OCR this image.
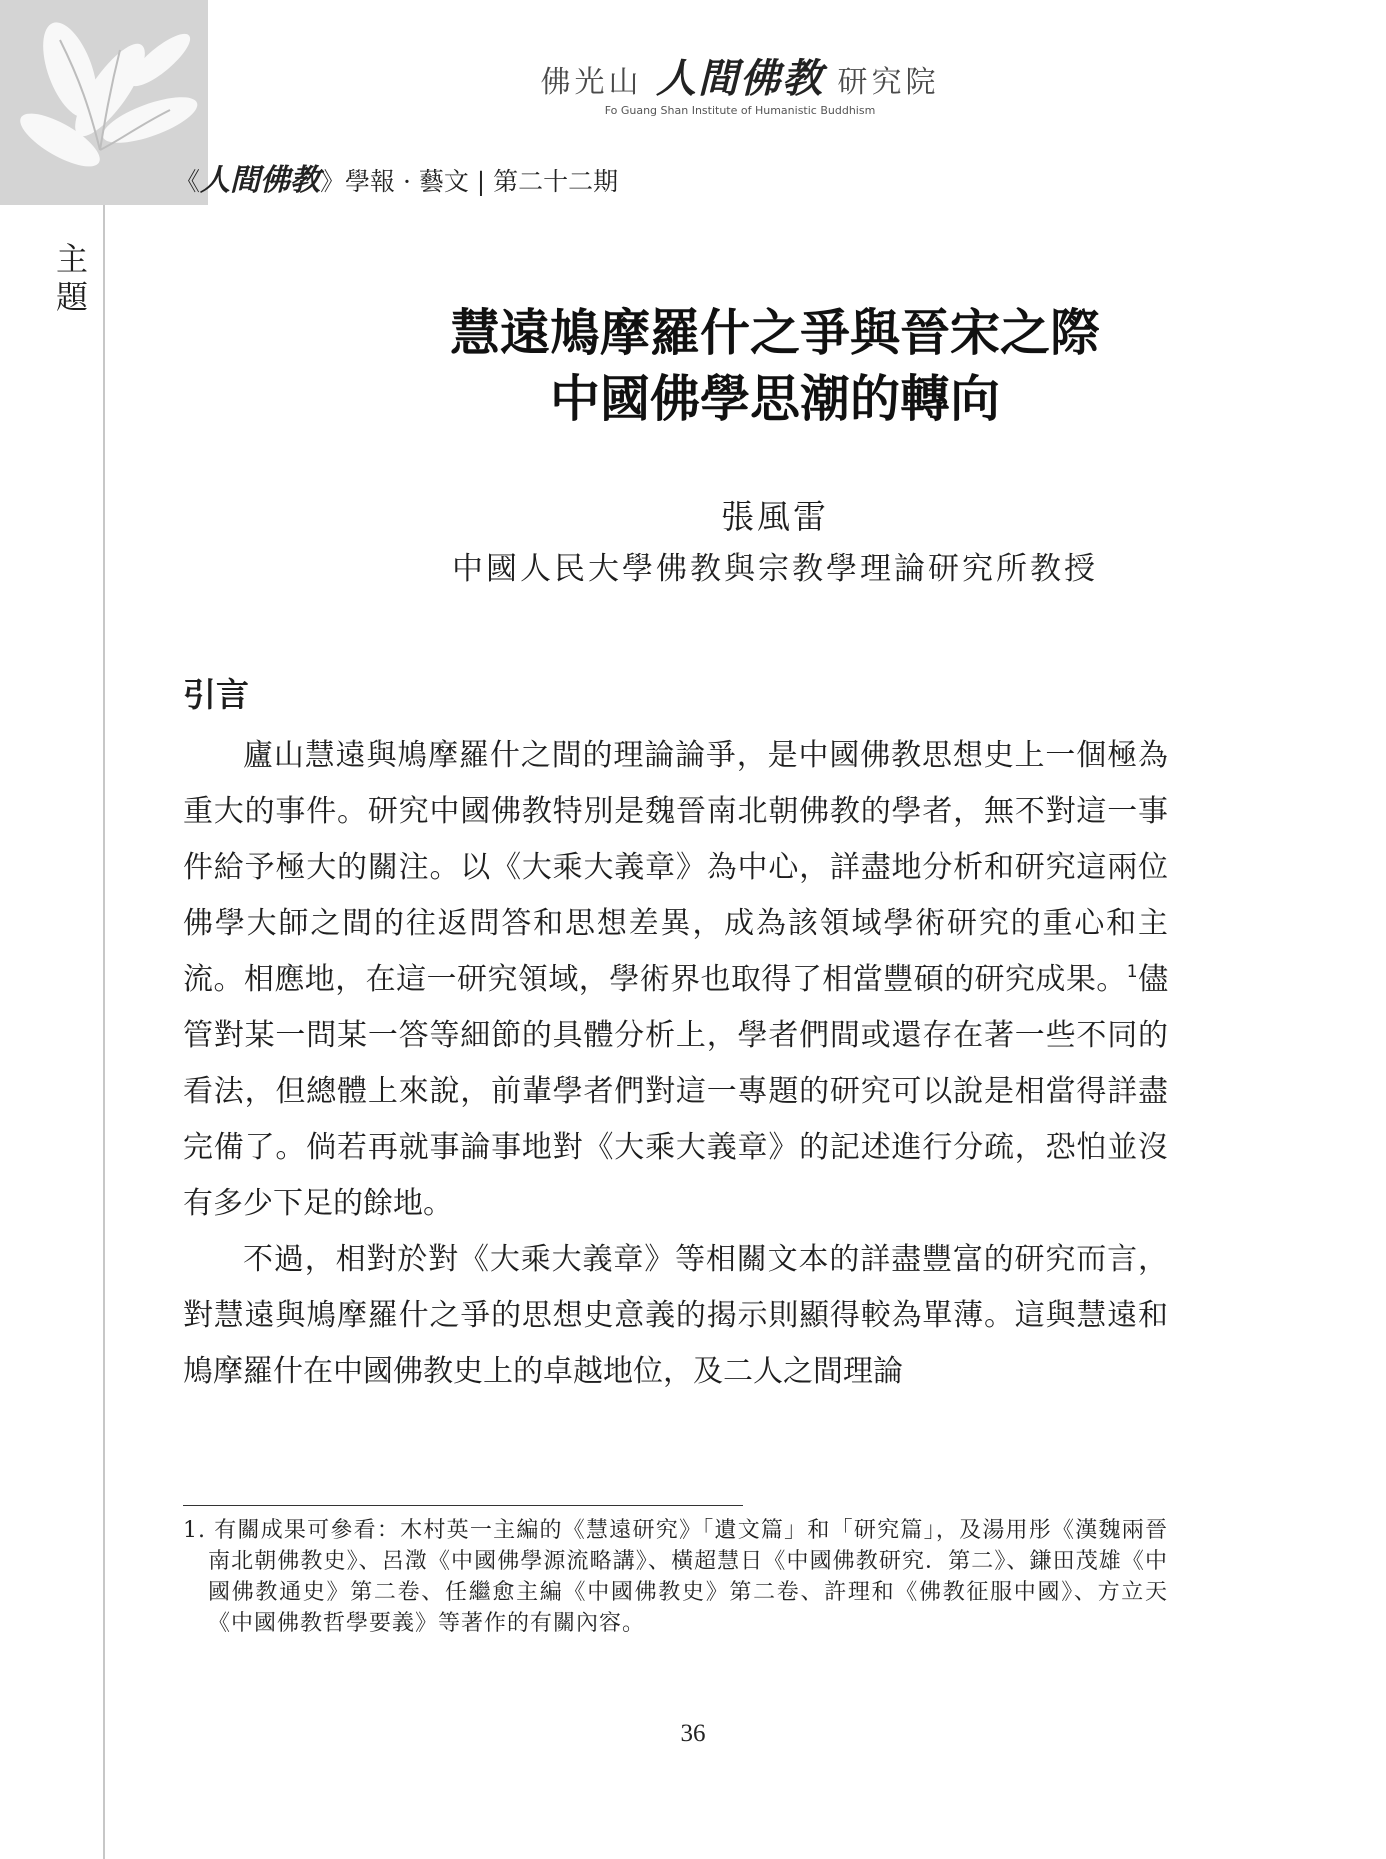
主題
佛光山 人間佛教 研究院
Fo Guang Shan Institute of Humanistic Buddhism
《人間佛教》學報 · 藝文 | 第二十二期
慧遠鳩摩羅什之爭與晉宋之際
中國佛學思潮的轉向
張風雷
中國人民大學佛教與宗教學理論研究所教授
引言

廬山慧遠與鳩摩羅什之間的理論論爭，是中國佛教思想史上一個極為重大的事件。研究中國佛教特別是魏晉南北朝佛教的學者，無不對這一事件給予極大的關注。以《大乘大義章》為中心，詳盡地分析和研究這兩位佛學大師之間的往返問答和思想差異，成為該領域學術研究的重心和主流。相應地，在這一研究領域，學術界也取得了相當豐碩的研究成果。$^1$儘管對某一問某一答等細節的具體分析上，學者們間或還存在著一些不同的看法，但總體上來說，前輩學者們對這一專題的研究可以說是相當得詳盡完備了。倘若再就事論事地對《大乘大義章》的記述進行分疏，恐怕並沒有多少下足的餘地。

不過，相對於對《大乘大義章》等相關文本的詳盡豐富的研究而言，對慧遠與鳩摩羅什之爭的思想史意義的揭示則顯得較為單薄。這與慧遠和鳩摩羅什在中國佛教史上的卓越地位，及二人之間理論

1. 有關成果可參看：木村英一主編的《慧遠研究》「遺文篇」和「研究篇」，及湯用彤《漢魏兩晉南北朝佛教史》、呂澂《中國佛學源流略講》、橫超慧日《中國佛教研究．第二》、鎌田茂雄《中國佛教通史》第二卷、任繼愈主編《中國佛教史》第二卷、許理和《佛教征服中國》、方立天《中國佛教哲學要義》等著作的有關內容。
36
